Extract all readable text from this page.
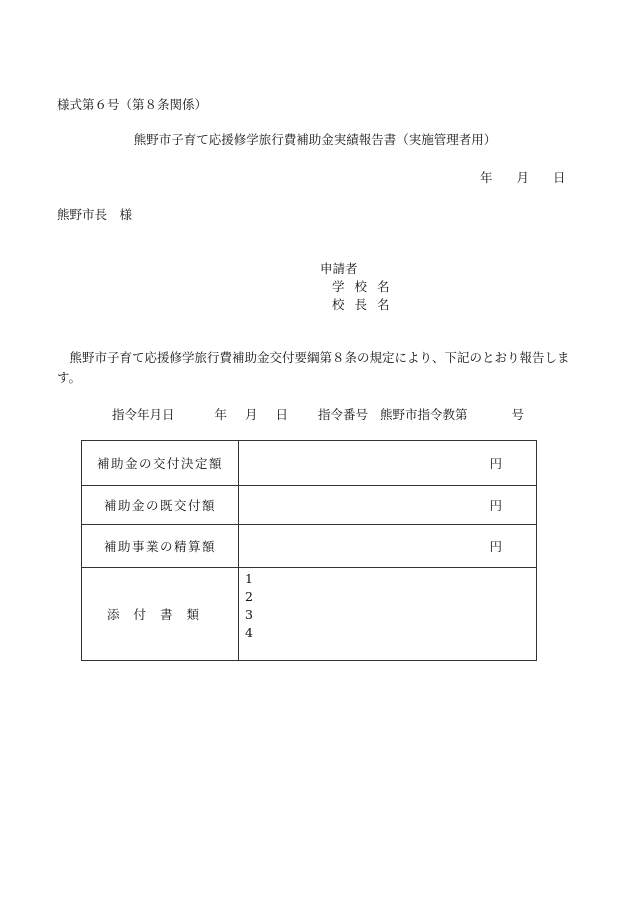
様式第６号（第８条関係）
熊野市子育て応援修学旅行費補助金実績報告書（実施管理者用）
年 月 日
熊野市長　様
申請者
学 校 名
校 長 名
熊野市子育て応援修学旅行費補助金交付要綱第８条の規定により、下記のとおり報告します。
指令年月日	年 月 日 指令番号 熊野市指令教第	号
補助金の交付決定額	円
補助金の既交付額	円
補助事業の精算額	円
添付書類	1
2
3
4
